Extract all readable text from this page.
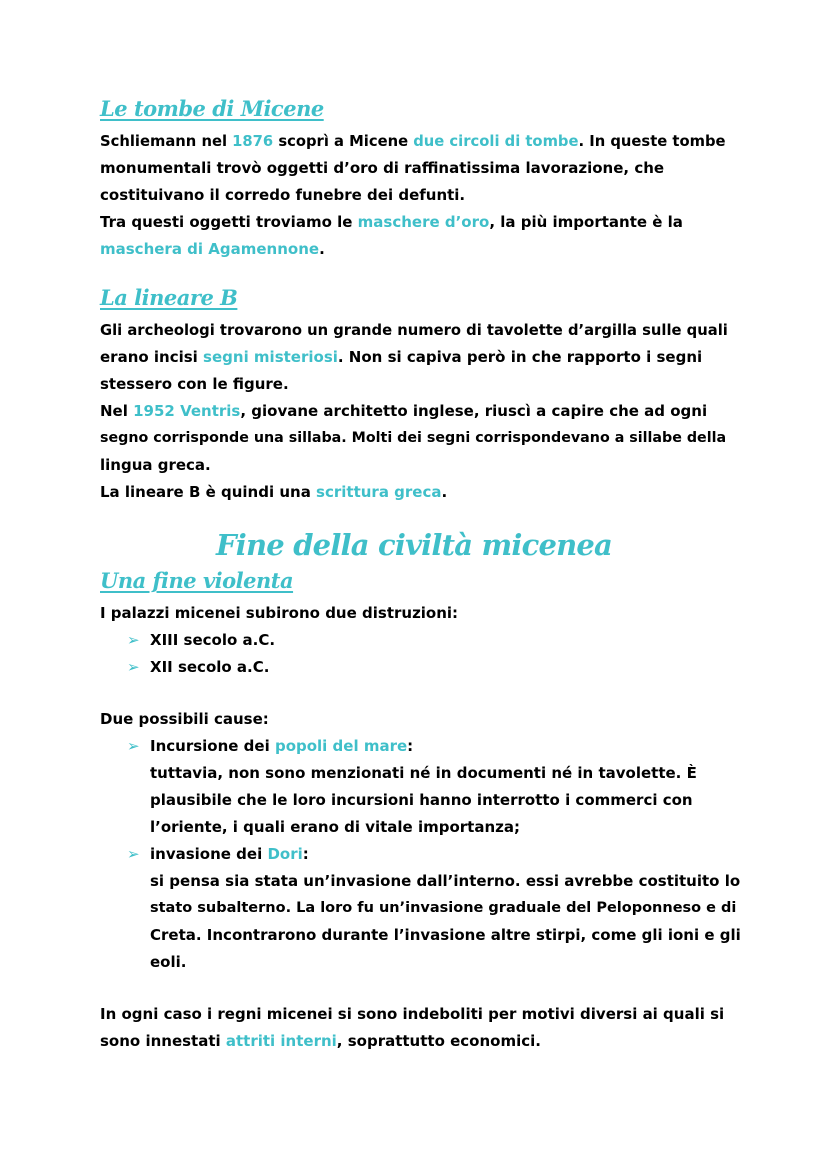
Le tombe di Micene
Schliemann nel 1876 scoprì a Micene due circoli di tombe. In queste tombe
monumentali trovò oggetti d’oro di raffinatissima lavorazione, che
costituivano il corredo funebre dei defunti.
Tra questi oggetti troviamo le maschere d’oro, la più importante è la
maschera di Agamennone.
La lineare B
Gli archeologi trovarono un grande numero di tavolette d’argilla sulle quali
erano incisi segni misteriosi. Non si capiva però in che rapporto i segni
stessero con le figure.
Nel 1952 Ventris, giovane architetto inglese, riuscì a capire che ad ogni
segno corrisponde una sillaba. Molti dei segni corrispondevano a sillabe della
lingua greca.
La lineare B è quindi una scrittura greca.
Fine della civiltà micenea
Una fine violenta
I palazzi micenei subirono due distruzioni:
➢ XIII secolo a.C.
➢ XII secolo a.C.
Due possibili cause:
➢ Incursione dei popoli del mare:
tuttavia, non sono menzionati né in documenti né in tavolette. È
plausibile che le loro incursioni hanno interrotto i commerci con
l’oriente, i quali erano di vitale importanza;
➢ invasione dei Dori:
si pensa sia stata un’invasione dall’interno. essi avrebbe costituito lo
stato subalterno. La loro fu un’invasione graduale del Peloponneso e di
Creta. Incontrarono durante l’invasione altre stirpi, come gli ioni e gli
eoli.
In ogni caso i regni micenei si sono indeboliti per motivi diversi ai quali si
sono innestati attriti interni, soprattutto economici.
